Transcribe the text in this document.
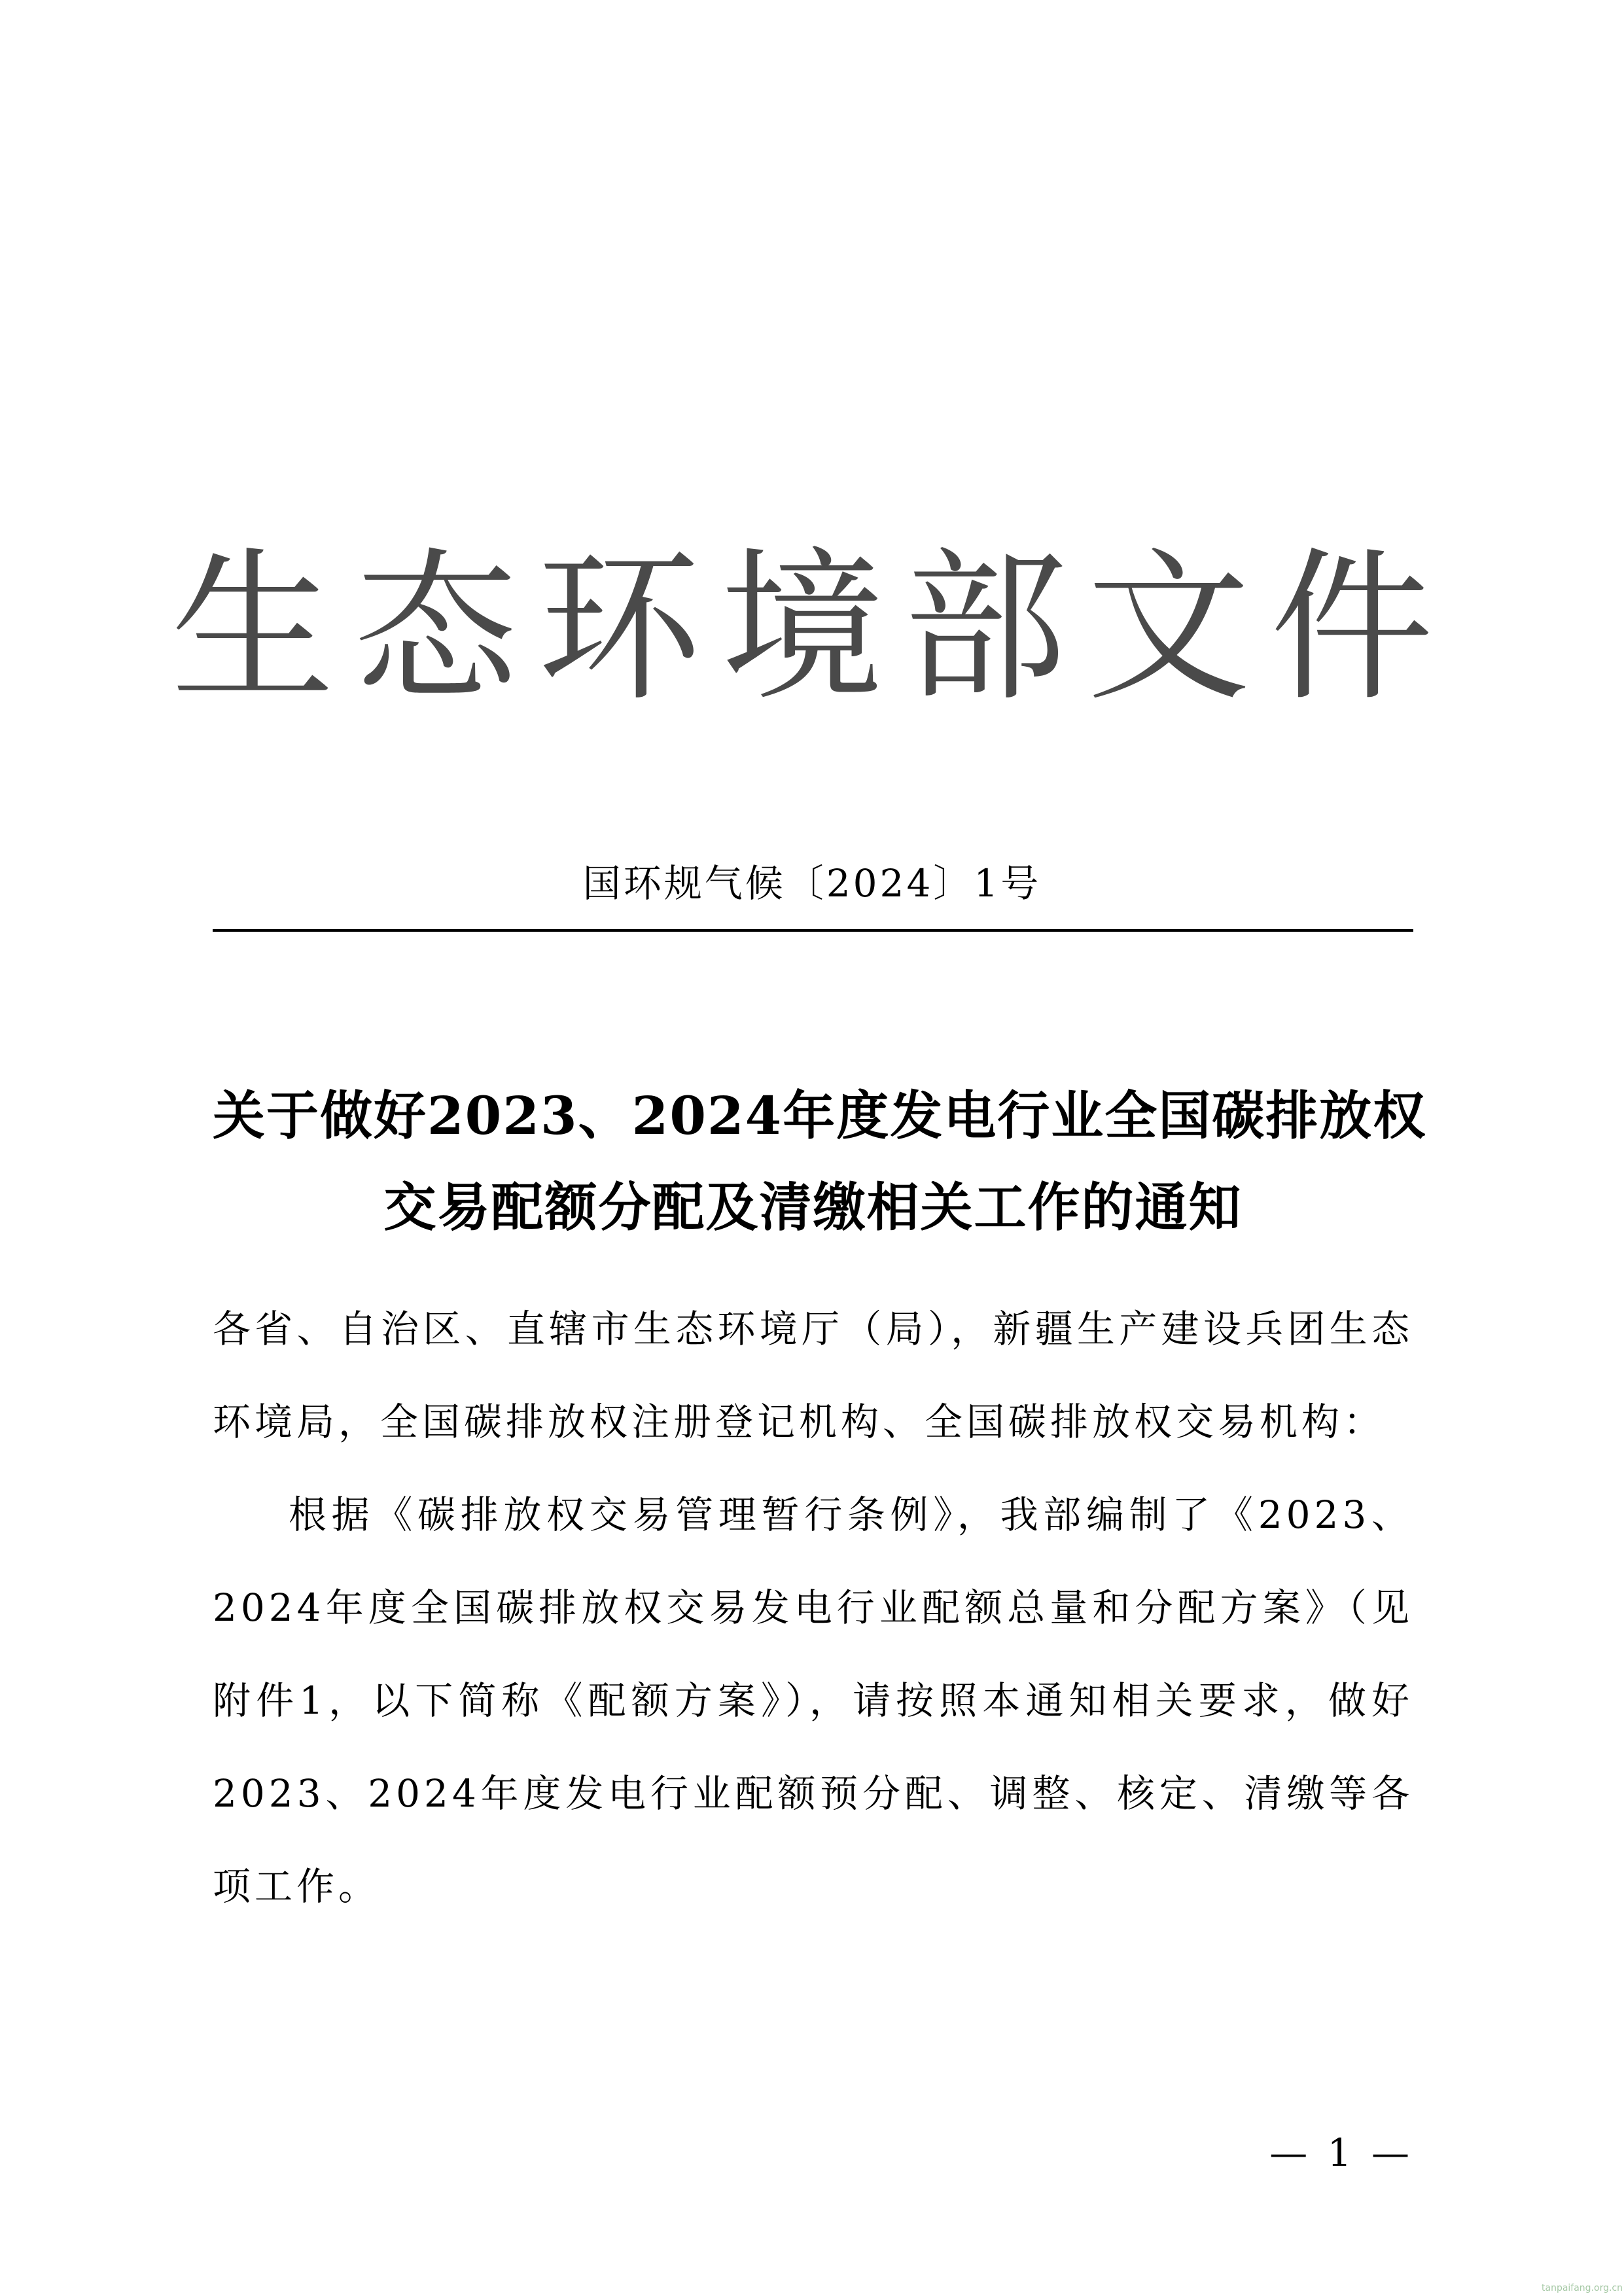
生态环境部文件
国环规气候〔2024〕1号
关于做好2023、2024年度发电行业全国碳排放权
交易配额分配及清缴相关工作的通知

各省、自治区、直辖市生态环境厅（局），新疆生产建设兵团生态环境局，全国碳排放权注册登记机构、全国碳排放权交易机构：

根据《碳排放权交易管理暂行条例》，我部编制了《2023、2024年度全国碳排放权交易发电行业配额总量和分配方案》（见附件1，以下简称《配额方案》），请按照本通知相关要求，做好2023、2024年度发电行业配额预分配、调整、核定、清缴等各项工作。

— 1 —
tanpaifang.org.cn
